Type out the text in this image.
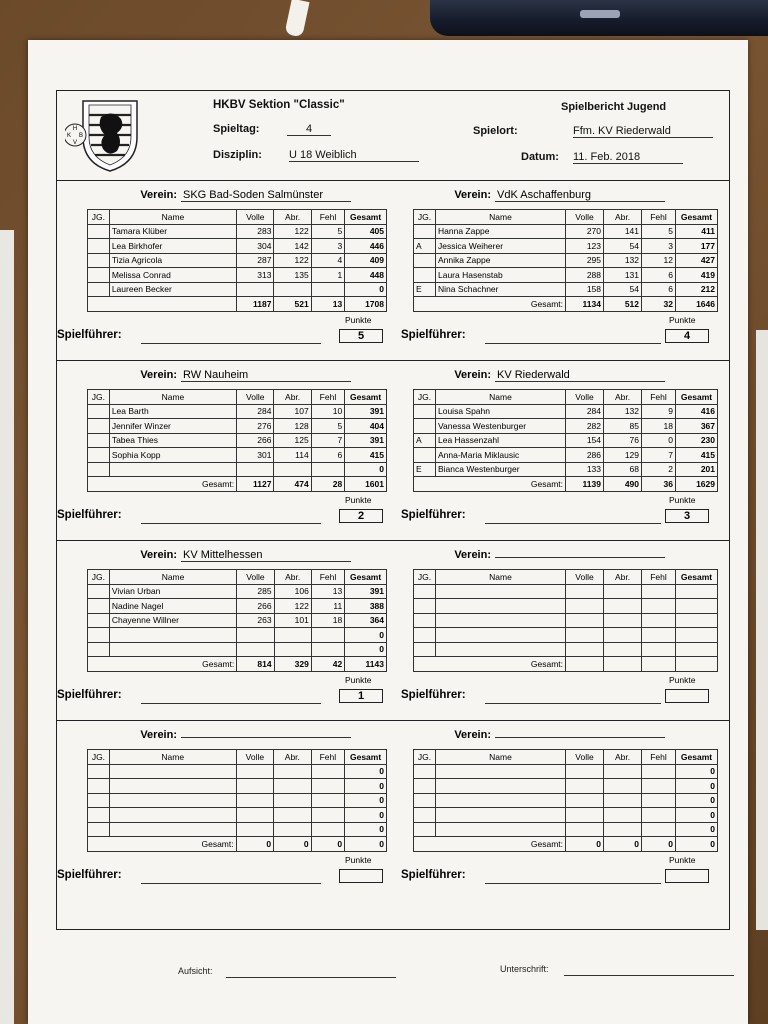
H
K B
V
HKBV Sektion "Classic"	Spielbericht Jugend
Spieltag:	4	Spielort:	Ffm. KV Riederwald
Disziplin: U 18 Weiblich	Datum: 11. Feb. 2018
Verein: SKG Bad-Soden Salmünster
JG.	Name	Volle	Abr.	Fehl	Gesamt
	Tamara Klüber	283	122	5	405
	Lea Birkhofer	304	142	3	446
	Tizia Agricola	287	122	4	409
	Melissa Conrad	313	135	1	448
	Laureen Becker				0
		1187	521	13	1708
Spielführer:
Punkte
5
Verein: VdK Aschaffenburg
JG.	Name	Volle	Abr.	Fehl	Gesamt
	Hanna Zappe	270	141	5	411
A	Jessica Weiherer	123	54	3	177
	Annika Zappe	295	132	12	427
	Laura Hasenstab	288	131	6	419
E	Nina Schachner	158	54	6	212
Gesamt:		1134	512	32	1646
Spielführer:
Punkte
4
Verein: RW Nauheim
JG.	Name	Volle	Abr.	Fehl	Gesamt
	Lea Barth	284	107	10	391
	Jennifer Winzer	276	128	5	404
	Tabea Thies	266	125	7	391
	Sophia Kopp	301	114	6	415
					0
Gesamt:		1127	474	28	1601
Spielführer:
Punkte
2
Verein: KV Riederwald
JG.	Name	Volle	Abr.	Fehl	Gesamt
	Louisa Spahn	284	132	9	416
	Vanessa Westenburger	282	85	18	367
A	Lea Hassenzahl	154	76	0	230
	Anna-Maria Miklausic	286	129	7	415
E	Bianca Westenburger	133	68	2	201
Gesamt:		1139	490	36	1629
Spielführer:
Punkte
3
Verein: KV Mittelhessen
JG.	Name	Volle	Abr.	Fehl	Gesamt
	Vivian Urban	285	106	13	391
	Nadine Nagel	266	122	11	388
	Chayenne Willner	263	101	18	364
					0
					0
Gesamt:		814	329	42	1143
Spielführer:
Punkte
1
Verein:
JG.	Name	Volle	Abr.	Fehl	Gesamt

Gesamt:					
Spielführer:
Punkte
Verein:
JG.	Name	Volle	Abr.	Fehl	Gesamt
					0
					0
					0
					0
					0
Gesamt:		0	0	0	0
Spielführer:
Punkte
Verein:
JG.	Name	Volle	Abr.	Fehl	Gesamt
					0
					0
					0
					0
					0
Gesamt:		0	0	0	0
Spielführer:
Punkte
Aufsicht:	Unterschrift:
